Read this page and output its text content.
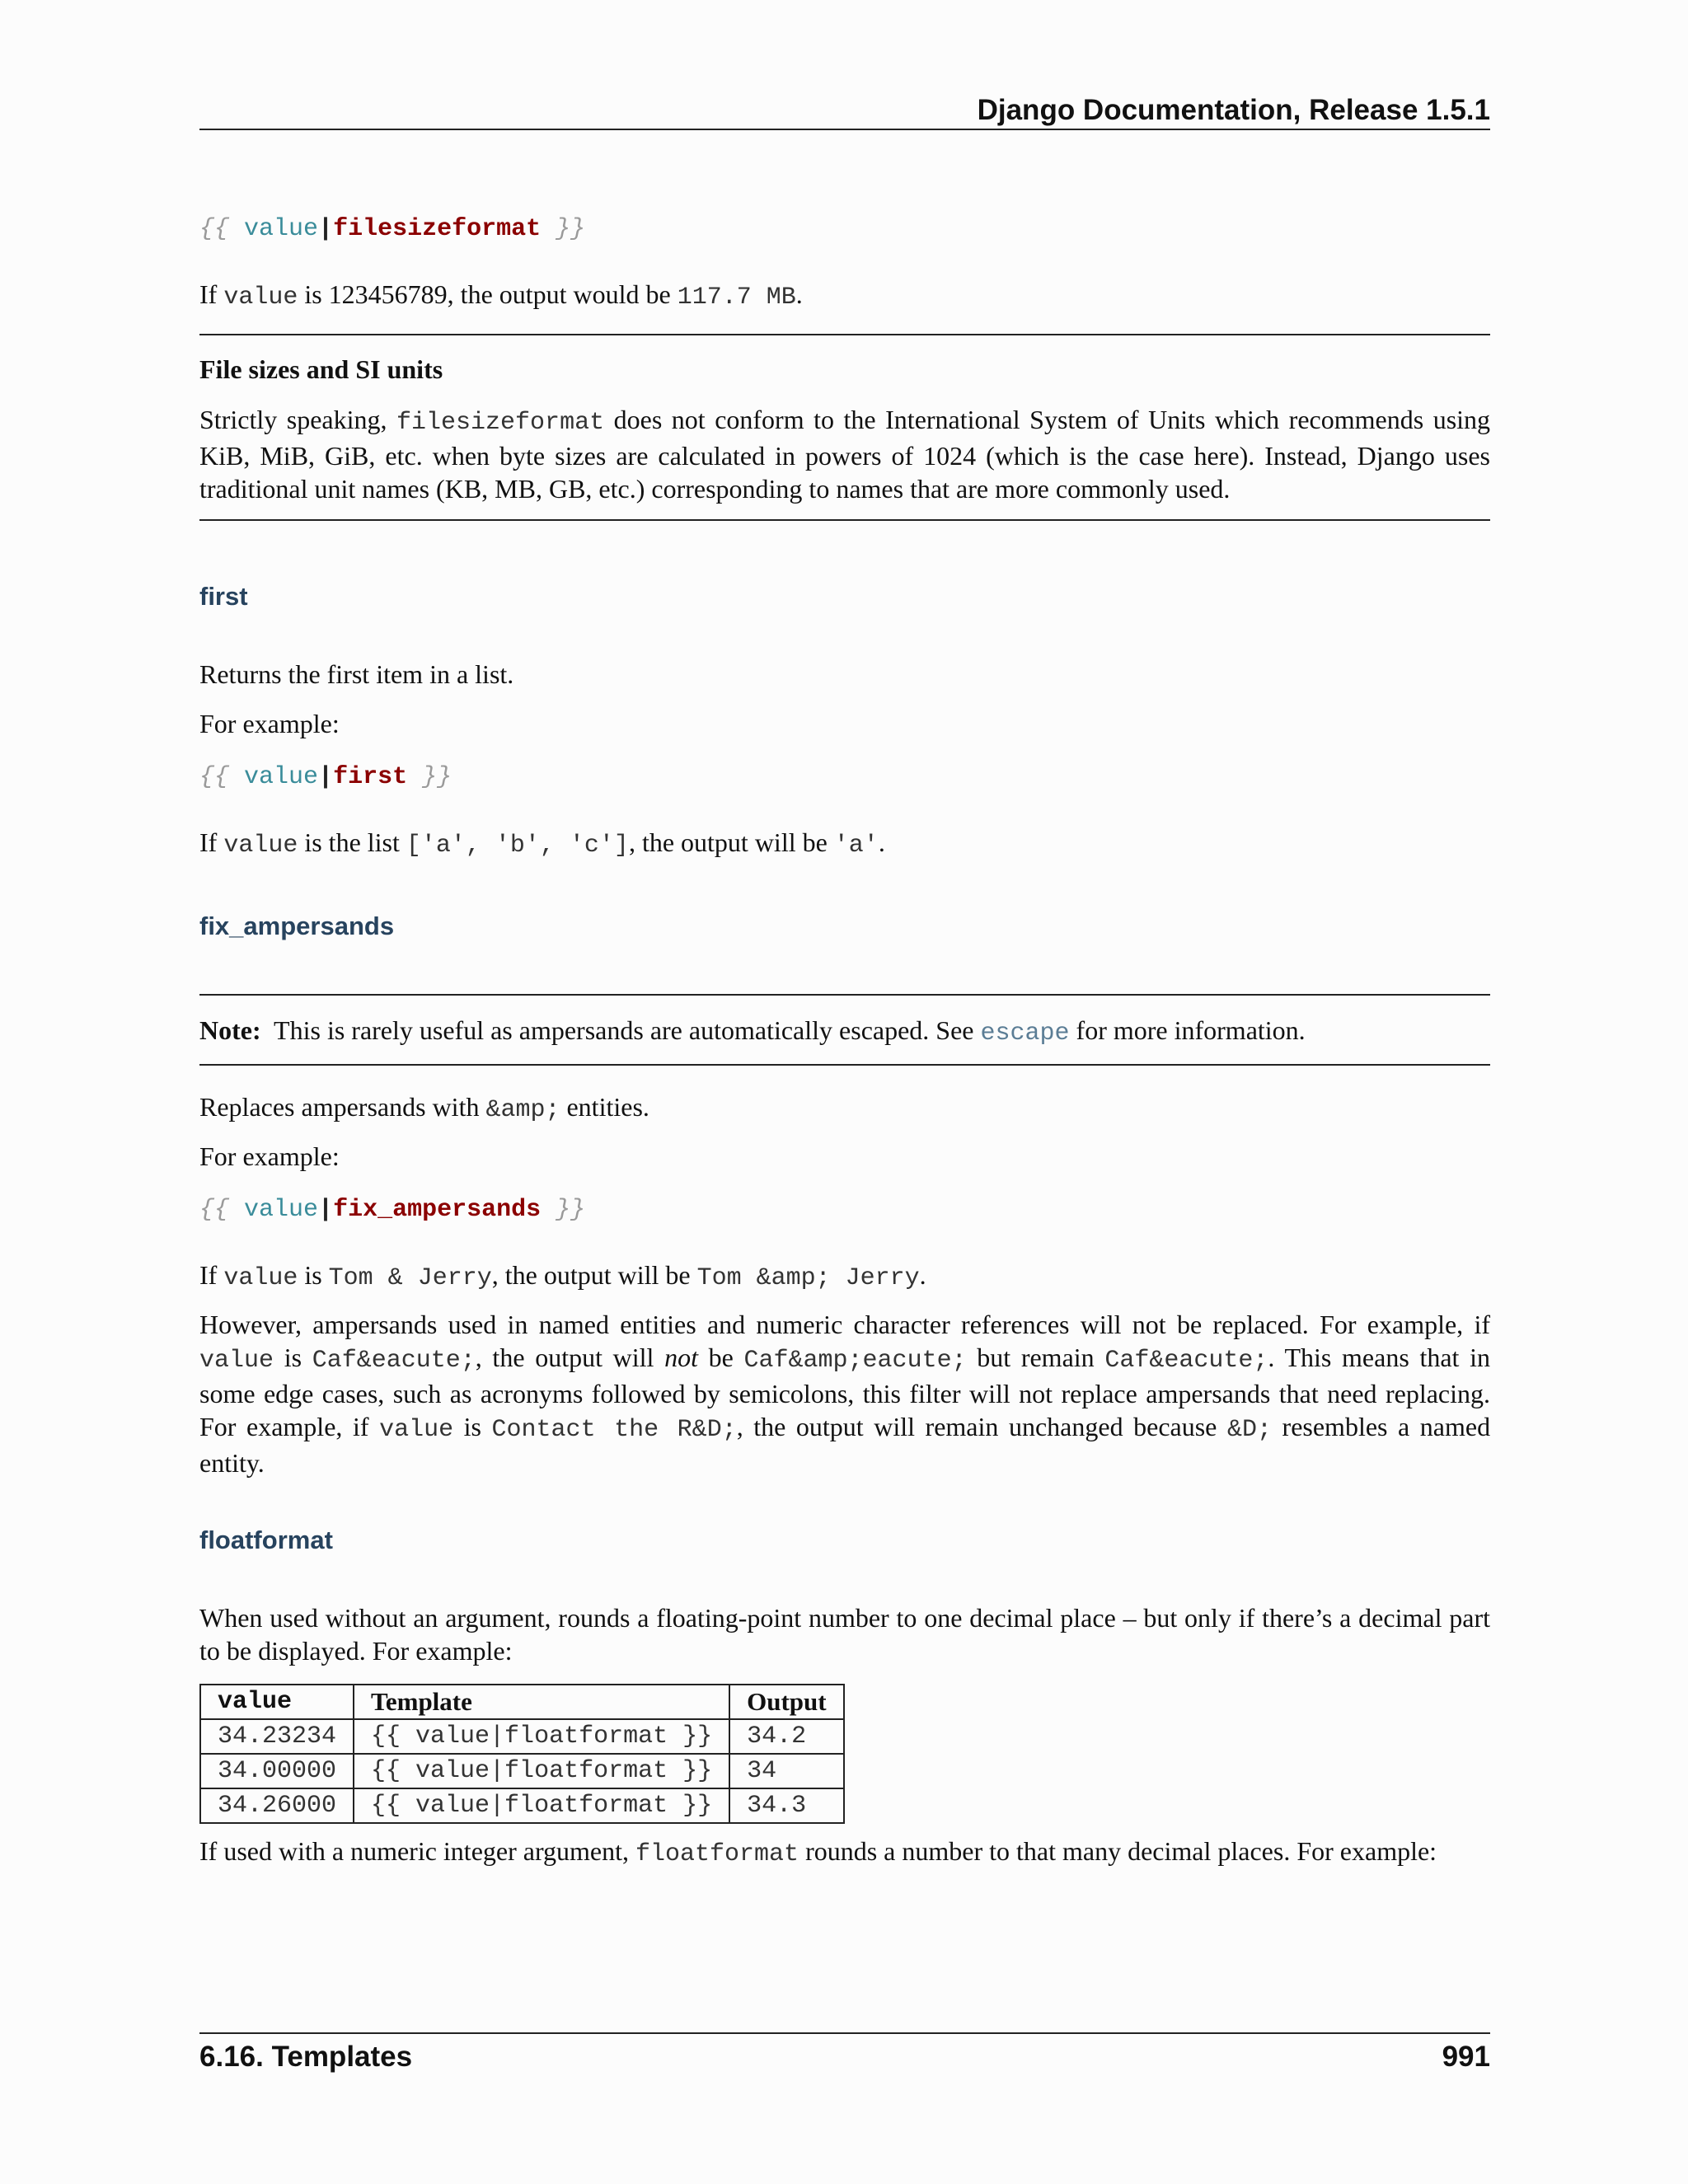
Django Documentation, Release 1.5.1
{{ value|filesizeformat }}

If value is 123456789, the output would be 117.7 MB.

File sizes and SI units

Strictly speaking, filesizeformat does not conform to the International System of Units which recommends using KiB, MiB, GiB, etc. when byte sizes are calculated in powers of 1024 (which is the case here). Instead, Django uses traditional unit names (KB, MB, GB, etc.) corresponding to names that are more commonly used.

first

Returns the first item in a list.

For example:

{{ value|first }}

If value is the list ['a', 'b', 'c'], the output will be 'a'.

fix_ampersands

Note: This is rarely useful as ampersands are automatically escaped. See escape for more information.

Replaces ampersands with &amp; entities.

For example:

{{ value|fix_ampersands }}

If value is Tom & Jerry, the output will be Tom &amp; Jerry.

However, ampersands used in named entities and numeric character references will not be replaced. For example, if value is Caf&eacute;, the output will not be Caf&amp;eacute; but remain Caf&eacute;. This means that in some edge cases, such as acronyms followed by semicolons, this filter will not replace ampersands that need replacing. For example, if value is Contact the R&D;, the output will remain unchanged because &D; resembles a named entity.

floatformat

When used without an argument, rounds a floating-point number to one decimal place – but only if there’s a decimal part to be displayed. For example:

value	Template	Output
34.23234	{{ value|floatformat }}	34.2
34.00000	{{ value|floatformat }}	34
34.26000	{{ value|floatformat }}	34.3

If used with a numeric integer argument, floatformat rounds a number to that many decimal places. For example:

6.16. Templates	991
